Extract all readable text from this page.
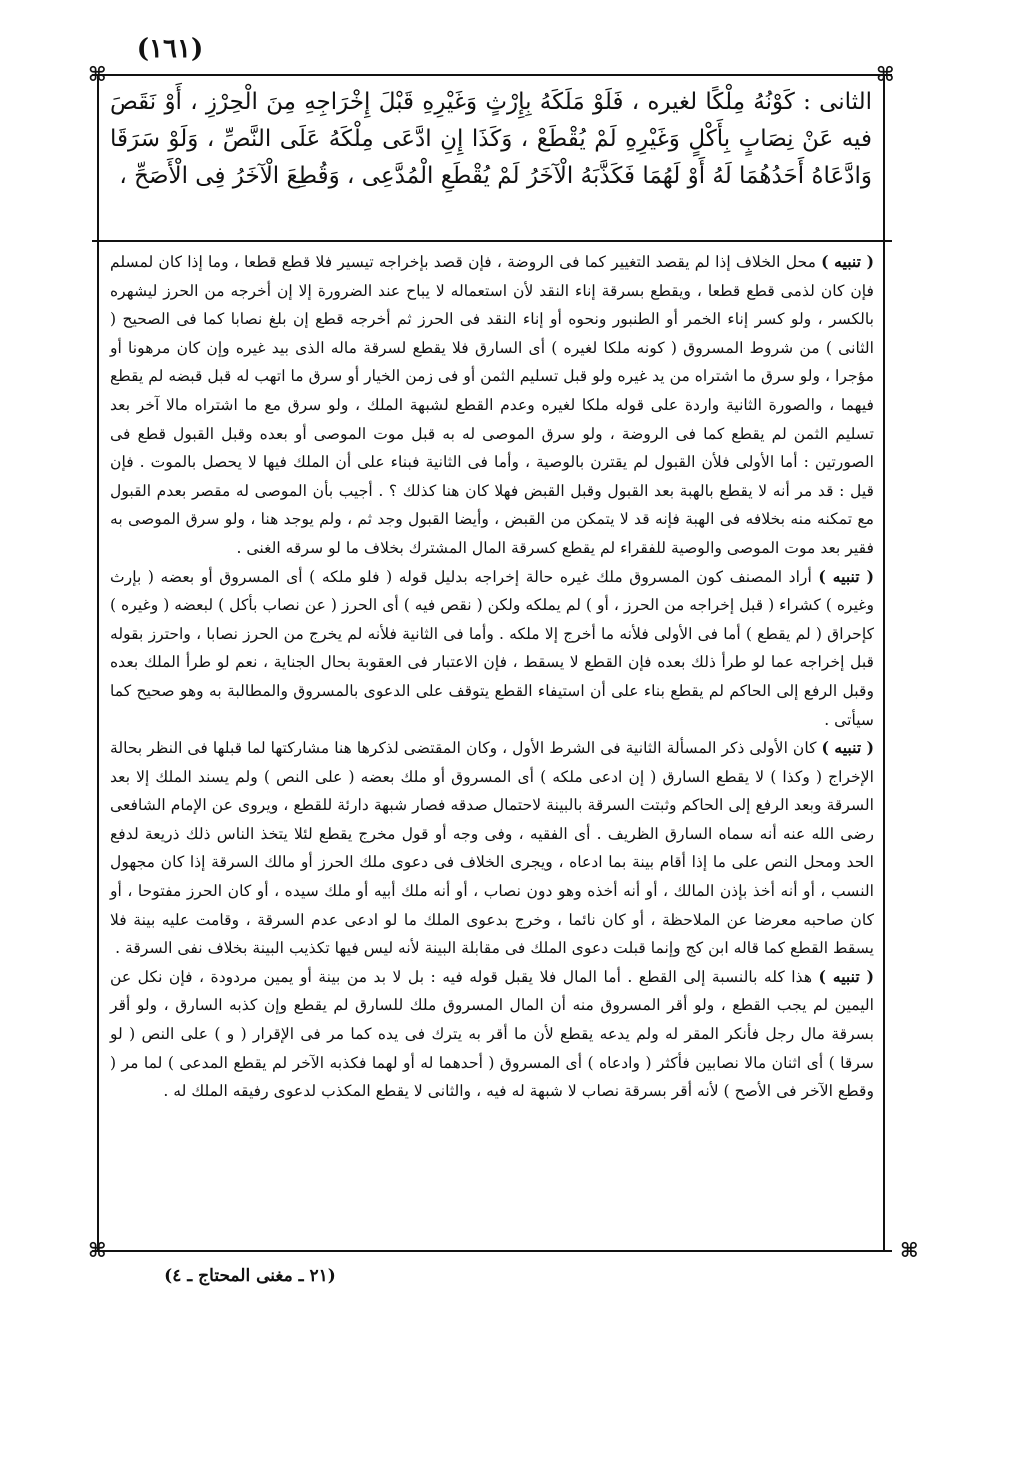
(١٦١)
⌘	⌘
⌘	⌘

الثانى : كَوْنُهُ مِلْكًا لغيره ، فَلَوْ مَلَكَهُ بِإِرْثٍ وَغَيْرِهِ قَبْلَ إِخْرَاجِهِ مِنَ الْحِرْزِ ، أَوْ نَقَصَ فيه عَنْ نِصَابٍ بِأَكْلٍ وَغَيْرِهِ لَمْ يُقْطَعْ ، وَكَذَا إِنِ ادَّعَى مِلْكَهُ عَلَى النَّصِّ ، وَلَوْ سَرَقَا وَادَّعَاهُ أَحَدُهُمَا لَهُ أَوْ لَهُمَا فَكَذَّبَهُ الْآخَرُ لَمْ يُقْطَعِ الْمُدَّعِى ، وَقُطِعَ الْآخَرُ فِى الْأَصَحِّ ،

( تنبيه ) محل الخلاف إذا لم يقصد التغيير كما فى الروضة ، فإن قصد بإخراجه تيسير فلا قطع قطعا ، وما إذا كان لمسلم فإن كان لذمى قطع قطعا ، ويقطع بسرقة إناء النقد لأن استعماله لا يباح عند الضرورة إلا إن أخرجه من الحرز ليشهره بالكسر ، ولو كسر إناء الخمر أو الطنبور ونحوه أو إناء النقد فى الحرز ثم أخرجه قطع إن بلغ نصابا كما فى الصحيح ( الثانى ) من شروط المسروق ( كونه ملكا لغيره ) أى السارق فلا يقطع لسرقة ماله الذى بيد غيره وإن كان مرهونا أو مؤجرا ، ولو سرق ما اشتراه من يد غيره ولو قبل تسليم الثمن أو فى زمن الخيار أو سرق ما اتهب له قبل قبضه لم يقطع فيهما ، والصورة الثانية واردة على قوله ملكا لغيره وعدم القطع لشبهة الملك ، ولو سرق مع ما اشتراه مالا آخر بعد تسليم الثمن لم يقطع كما فى الروضة ، ولو سرق الموصى له به قبل موت الموصى أو بعده وقبل القبول قطع فى الصورتين : أما الأولى فلأن القبول لم يقترن بالوصية ، وأما فى الثانية فبناء على أن الملك فيها لا يحصل بالموت . فإن قيل : قد مر أنه لا يقطع بالهبة بعد القبول وقبل القبض فهلا كان هنا كذلك ؟ . أجيب بأن الموصى له مقصر بعدم القبول مع تمكنه منه بخلافه فى الهبة فإنه قد لا يتمكن من القبض ، وأيضا القبول وجد ثم ، ولم يوجد هنا ، ولو سرق الموصى به فقير بعد موت الموصى والوصية للفقراء لم يقطع كسرقة المال المشترك بخلاف ما لو سرقه الغنى .

( تنبيه ) أراد المصنف كون المسروق ملك غيره حالة إخراجه بدليل قوله ( فلو ملكه ) أى المسروق أو بعضه ( بإرث وغيره ) كشراء ( قبل إخراجه من الحرز ، أو ) لم يملكه ولكن ( نقص فيه ) أى الحرز ( عن نصاب بأكل ) لبعضه ( وغيره ) كإحراق ( لم يقطع ) أما فى الأولى فلأنه ما أخرج إلا ملكه . وأما فى الثانية فلأنه لم يخرج من الحرز نصابا ، واحترز بقوله قبل إخراجه عما لو طرأ ذلك بعده فإن القطع لا يسقط ، فإن الاعتبار فى العقوبة بحال الجناية ، نعم لو طرأ الملك بعده وقبل الرفع إلى الحاكم لم يقطع بناء على أن استيفاء القطع يتوقف على الدعوى بالمسروق والمطالبة به وهو صحيح كما سيأتى .

( تنبيه ) كان الأولى ذكر المسألة الثانية فى الشرط الأول ، وكان المقتضى لذكرها هنا مشاركتها لما قبلها فى النظر بحالة الإخراج ( وكذا ) لا يقطع السارق ( إن ادعى ملكه ) أى المسروق أو ملك بعضه ( على النص ) ولم يسند الملك إلا بعد السرقة وبعد الرفع إلى الحاكم وثبتت السرقة بالبينة لاحتمال صدقه فصار شبهة دارئة للقطع ، ويروى عن الإمام الشافعى رضى الله عنه أنه سماه السارق الظريف . أى الفقيه ، وفى وجه أو قول مخرج يقطع لئلا يتخذ الناس ذلك ذريعة لدفع الحد ومحل النص على ما إذا أقام بينة بما ادعاه ، ويجرى الخلاف فى دعوى ملك الحرز أو مالك السرقة إذا كان مجهول النسب ، أو أنه أخذ بإذن المالك ، أو أنه أخذه وهو دون نصاب ، أو أنه ملك أبيه أو ملك سيده ، أو كان الحرز مفتوحا ، أو كان صاحبه معرضا عن الملاحظة ، أو كان نائما ، وخرج بدعوى الملك ما لو ادعى عدم السرقة ، وقامت عليه بينة فلا يسقط القطع كما قاله ابن كج وإنما قبلت دعوى الملك فى مقابلة البينة لأنه ليس فيها تكذيب البينة بخلاف نفى السرقة .

( تنبيه ) هذا كله بالنسبة إلى القطع . أما المال فلا يقبل قوله فيه : بل لا بد من بينة أو يمين مردودة ، فإن نكل عن اليمين لم يجب القطع ، ولو أقر المسروق منه أن المال المسروق ملك للسارق لم يقطع وإن كذبه السارق ، ولو أقر بسرقة مال رجل فأنكر المقر له ولم يدعه يقطع لأن ما أقر به يترك فى يده كما مر فى الإقرار ( و ) على النص ( لو سرقا ) أى اثنان مالا نصابين فأكثر ( وادعاه ) أى المسروق ( أحدهما له أو لهما فكذبه الآخر لم يقطع المدعى ) لما مر ( وقطع الآخر فى الأصح ) لأنه أقر بسرقة نصاب لا شبهة له فيه ، والثانى لا يقطع المكذب لدعوى رفيقه الملك له .

(٢١ ـ مغنى المحتاج ـ ٤)
